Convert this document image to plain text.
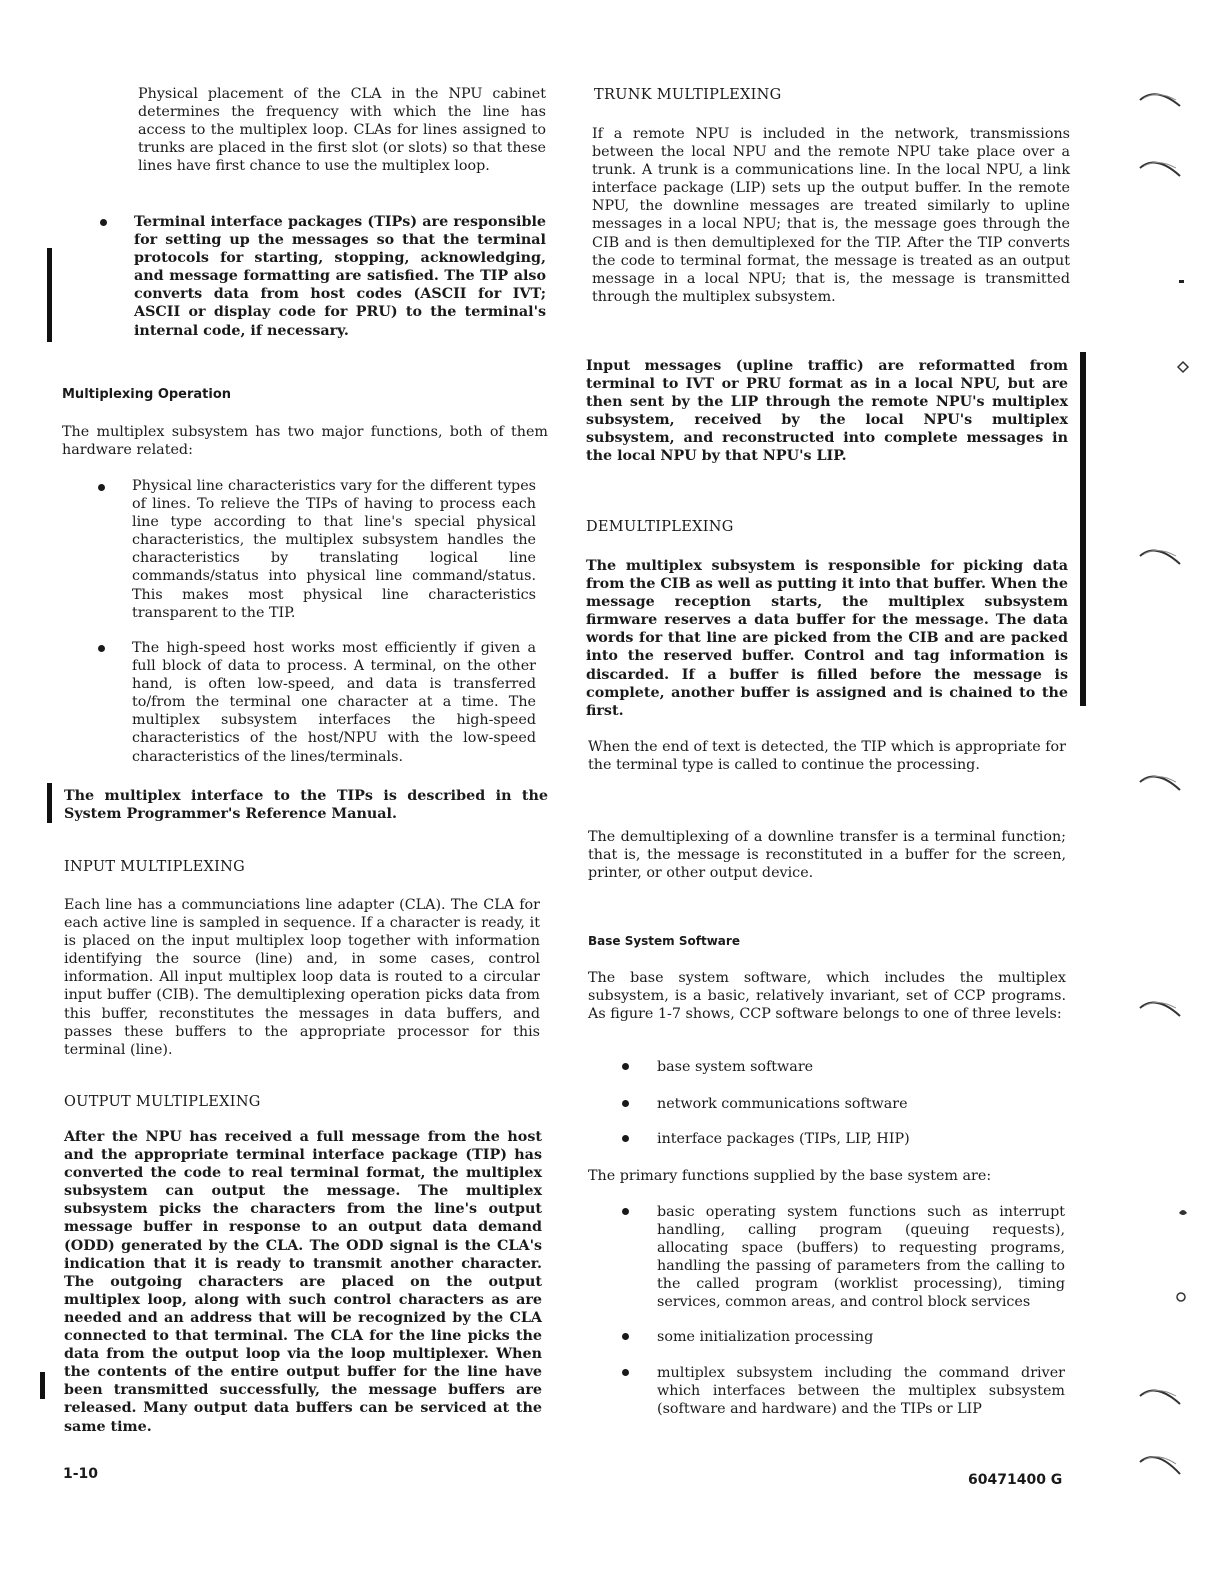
Physical placement of the CLA in the NPU cabinet determines the frequency with which the line has access to the multiplex loop. CLAs for lines assigned to trunks are placed in the first slot (or slots) so that these lines have first chance to use the multiplex loop.

Terminal interface packages (TIPs) are responsible for setting up the messages so that the terminal protocols for starting, stopping, acknowledging, and message formatting are satisfied. The TIP also converts data from host codes (ASCII for IVT; ASCII or display code for PRU) to the terminal's internal code, if necessary.

Multiplexing Operation

The multiplex subsystem has two major functions, both of them hardware related:

Physical line characteristics vary for the different types of lines. To relieve the TIPs of having to process each line type according to that line's special physical characteristics, the multiplex subsystem handles the characteristics by translating logical line commands/status into physical line command/status. This makes most physical line characteristics transparent to the TIP.

The high-speed host works most efficiently if given a full block of data to process. A terminal, on the other hand, is often low-speed, and data is transferred to/from the terminal one character at a time. The multiplex subsystem interfaces the high-speed characteristics of the host/NPU with the low-speed characteristics of the lines/terminals.

The multiplex interface to the TIPs is described in the System Programmer's Reference Manual.

INPUT MULTIPLEXING

Each line has a communciations line adapter (CLA). The CLA for each active line is sampled in sequence. If a character is ready, it is placed on the input multiplex loop together with information identifying the source (line) and, in some cases, control information. All input multiplex loop data is routed to a circular input buffer (CIB). The demultiplexing operation picks data from this buffer, reconstitutes the messages in data buffers, and passes these buffers to the appropriate processor for this terminal (line).

OUTPUT MULTIPLEXING

After the NPU has received a full message from the host and the appropriate terminal interface package (TIP) has converted the code to real terminal format, the multiplex subsystem can output the message. The multiplex subsystem picks the characters from the line's output message buffer in response to an output data demand (ODD) generated by the CLA. The ODD signal is the CLA's indication that it is ready to transmit another character. The outgoing characters are placed on the output multiplex loop, along with such control characters as are needed and an address that will be recognized by the CLA connected to that terminal. The CLA for the line picks the data from the output loop via the loop multiplexer. When the contents of the entire output buffer for the line have been transmitted successfully, the message buffers are released. Many output data buffers can be serviced at the same time.

TRUNK MULTIPLEXING

If a remote NPU is included in the network, transmissions between the local NPU and the remote NPU take place over a trunk. A trunk is a communications line. In the local NPU, a link interface package (LIP) sets up the output buffer. In the remote NPU, the downline messages are treated similarly to upline messages in a local NPU; that is, the message goes through the CIB and is then demultiplexed for the TIP. After the TIP converts the code to terminal format, the message is treated as an output message in a local NPU; that is, the message is transmitted through the multiplex subsystem.

Input messages (upline traffic) are reformatted from terminal to IVT or PRU format as in a local NPU, but are then sent by the LIP through the remote NPU's multiplex subsystem, received by the local NPU's multiplex subsystem, and reconstructed into complete messages in the local NPU by that NPU's LIP.

DEMULTIPLEXING

The multiplex subsystem is responsible for picking data from the CIB as well as putting it into that buffer. When the message reception starts, the multiplex subsystem firmware reserves a data buffer for the message. The data words for that line are picked from the CIB and are packed into the reserved buffer. Control and tag information is discarded. If a buffer is filled before the message is complete, another buffer is assigned and is chained to the first.

When the end of text is detected, the TIP which is appropriate for the terminal type is called to continue the processing.

The demultiplexing of a downline transfer is a terminal function; that is, the message is reconstituted in a buffer for the screen, printer, or other output device.

Base System Software

The base system software, which includes the multiplex subsystem, is a basic, relatively invariant, set of CCP programs. As figure 1-7 shows, CCP software belongs to one of three levels:

base system software

network communications software

interface packages (TIPs, LIP, HIP)

The primary functions supplied by the base system are:

basic operating system functions such as interrupt handling, calling program (queuing requests), allocating space (buffers) to requesting programs, handling the passing of parameters from the calling to the called program (worklist processing), timing services, common areas, and control block services

some initialization processing

multiplex subsystem including the command driver which interfaces between the multiplex subsystem (software and hardware) and the TIPs or LIP

1-10	60471400 G
